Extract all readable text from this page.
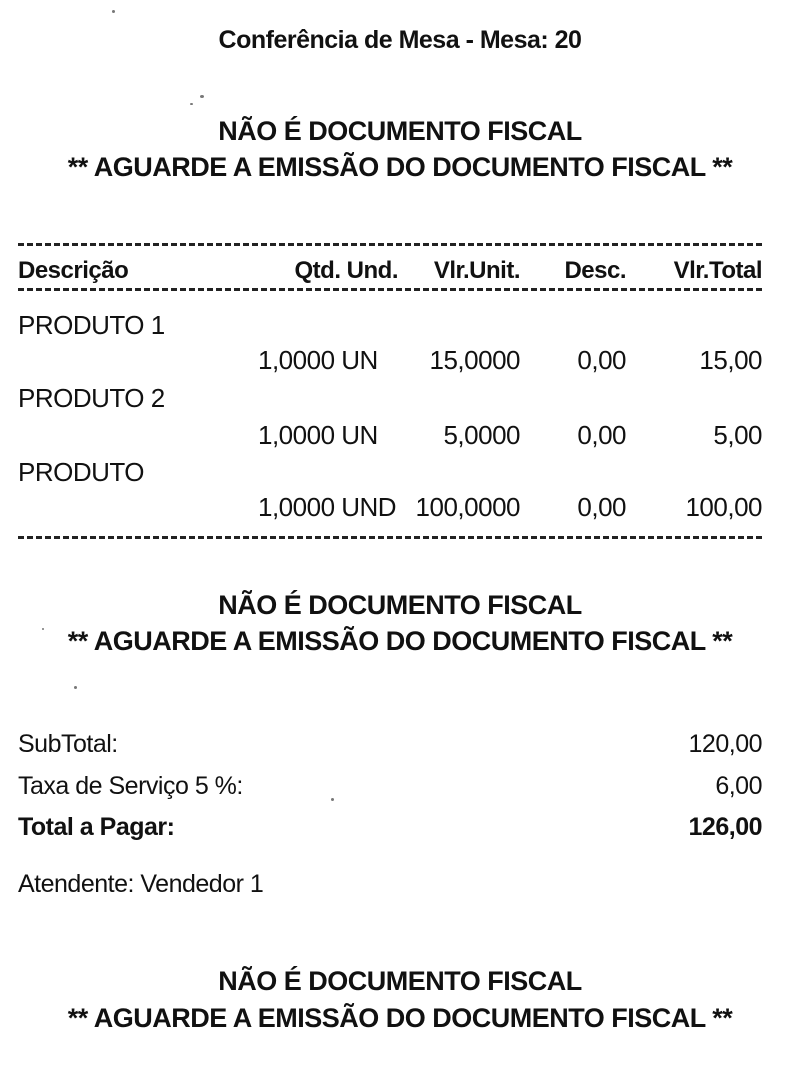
Conferência de Mesa - Mesa: 20
NÃO É DOCUMENTO FISCAL
** AGUARDE A EMISSÃO DO DOCUMENTO FISCAL **
Descrição	Qtd. Und.	Vlr.Unit.	Desc.	Vlr.Total
PRODUTO 1
1,0000 UN	15,0000	0,00	15,00
PRODUTO 2
1,0000 UN	5,0000	0,00	5,00
PRODUTO
1,0000 UND 100,0000	0,00	100,00
NÃO É DOCUMENTO FISCAL
** AGUARDE A EMISSÃO DO DOCUMENTO FISCAL **
SubTotal:	120,00
Taxa de Serviço 5 %:	6,00
Total a Pagar:	126,00
Atendente: Vendedor 1
NÃO É DOCUMENTO FISCAL
** AGUARDE A EMISSÃO DO DOCUMENTO FISCAL **
